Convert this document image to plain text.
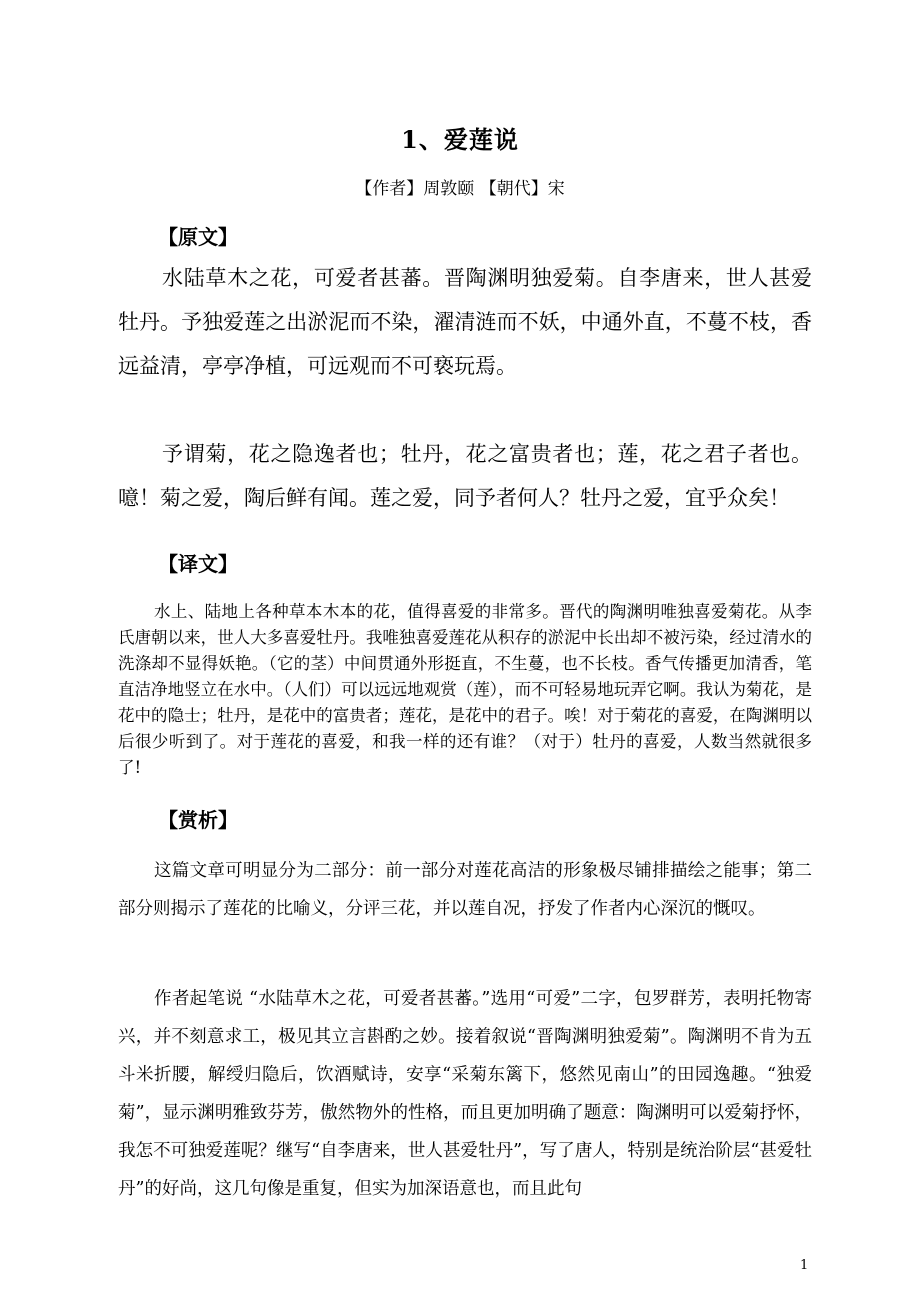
1、爱莲说
【作者】周敦颐 【朝代】宋
【原文】

水陆草木之花，可爱者甚蕃。晋陶渊明独爱菊。自李唐来，世人甚爱牡丹。予独爱莲之出淤泥而不染，濯清涟而不妖，中通外直，不蔓不枝，香远益清，亭亭净植，可远观而不可亵玩焉。

予谓菊，花之隐逸者也；牡丹，花之富贵者也；莲，花之君子者也。噫！菊之爱，陶后鲜有闻。莲之爱，同予者何人？牡丹之爱，宜乎众矣！

【译文】

水上、陆地上各种草本木本的花，值得喜爱的非常多。晋代的陶渊明唯独喜爱菊花。从李氏唐朝以来，世人大多喜爱牡丹。我唯独喜爱莲花从积存的淤泥中长出却不被污染，经过清水的洗涤却不显得妖艳。（它的茎）中间贯通外形挺直，不生蔓，也不长枝。香气传播更加清香，笔直洁净地竖立在水中。（人们）可以远远地观赏（莲），而不可轻易地玩弄它啊。我认为菊花，是花中的隐士；牡丹，是花中的富贵者；莲花，是花中的君子。唉！对于菊花的喜爱，在陶渊明以后很少听到了。对于莲花的喜爱，和我一样的还有谁？（对于）牡丹的喜爱，人数当然就很多了!

【赏析】

这篇文章可明显分为二部分：前一部分对莲花高洁的形象极尽铺排描绘之能事；第二部分则揭示了莲花的比喻义，分评三花，并以莲自况，抒发了作者内心深沉的慨叹。

作者起笔说 “水陆草木之花，可爱者甚蕃。”选用“可爱”二字，包罗群芳，表明托物寄兴，并不刻意求工，极见其立言斟酌之妙。接着叙说“晋陶渊明独爱菊”。陶渊明不肯为五斗米折腰，解绶归隐后，饮酒赋诗，安享“采菊东篱下，悠然见南山”的田园逸趣。“独爱菊”，显示渊明雅致芬芳，傲然物外的性格，而且更加明确了题意：陶渊明可以爱菊抒怀，我怎不可独爱莲呢？继写“自李唐来，世人甚爱牡丹”，写了唐人，特别是统治阶层“甚爱牡丹”的好尚，这几句像是重复，但实为加深语意也，而且此句

1
